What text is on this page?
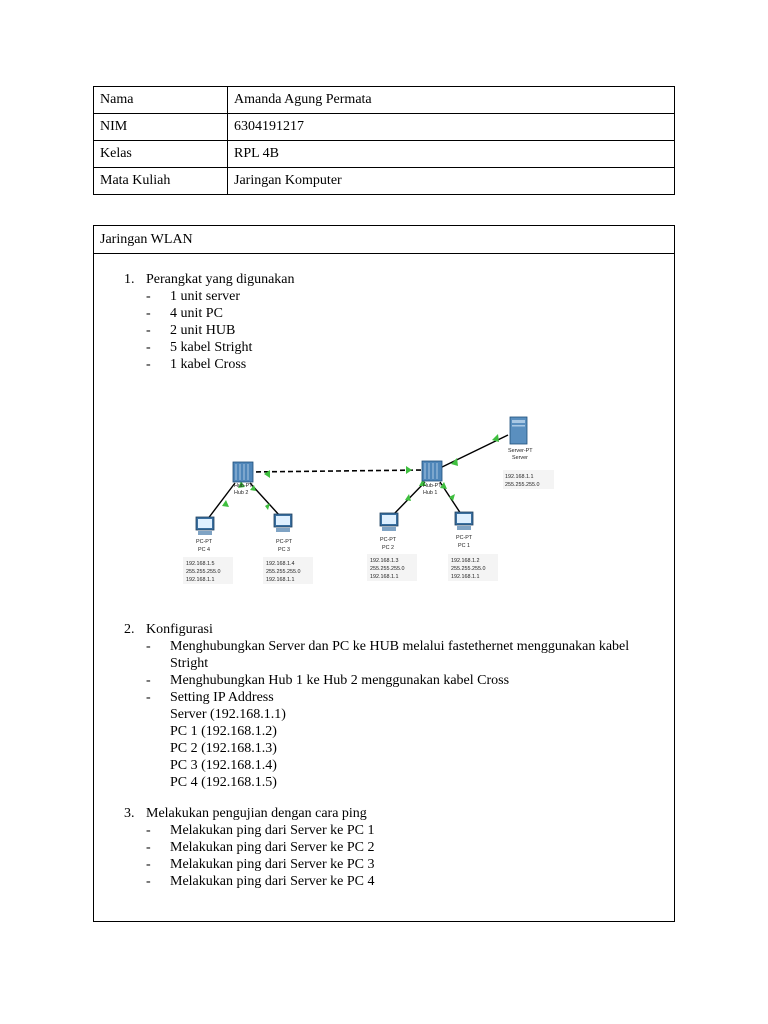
Nama	Amanda Agung Permata
NIM	6304191217
Kelas	RPL 4B
Mata Kuliah	Jaringan Komputer
Jaringan WLAN
1. Perangkat yang digunakan
- 1 unit server
- 4 unit PC
- 2 unit HUB
- 5 kabel Stright
- 1 kabel Cross
2. Konfigurasi
- Menghubungkan Server dan PC ke HUB melalui fastethernet menggunakan kabel Stright
- Menghubungkan Hub 1 ke Hub 2 menggunakan kabel Cross
- Setting IP Address
Server (192.168.1.1)
PC 1 (192.168.1.2)
PC 2 (192.168.1.3)
PC 3 (192.168.1.4)
PC 4 (192.168.1.5)
3. Melakukan pengujian dengan cara ping
- Melakukan ping dari Server ke PC 1
- Melakukan ping dari Server ke PC 2
- Melakukan ping dari Server ke PC 3
- Melakukan ping dari Server ke PC 4
Hub-PT
Hub 2
Hub-PT
Hub 1
Server-PT
Server
192.168.1.1
255.255.255.0
PC-PT
PC 4
192.168.1.5
255.255.255.0
192.168.1.1
PC-PT
PC 3
192.168.1.4
255.255.255.0
192.168.1.1
PC-PT
PC 2
192.168.1.3
255.255.255.0
192.168.1.1
PC-PT
PC 1
192.168.1.2
255.255.255.0
192.168.1.1
